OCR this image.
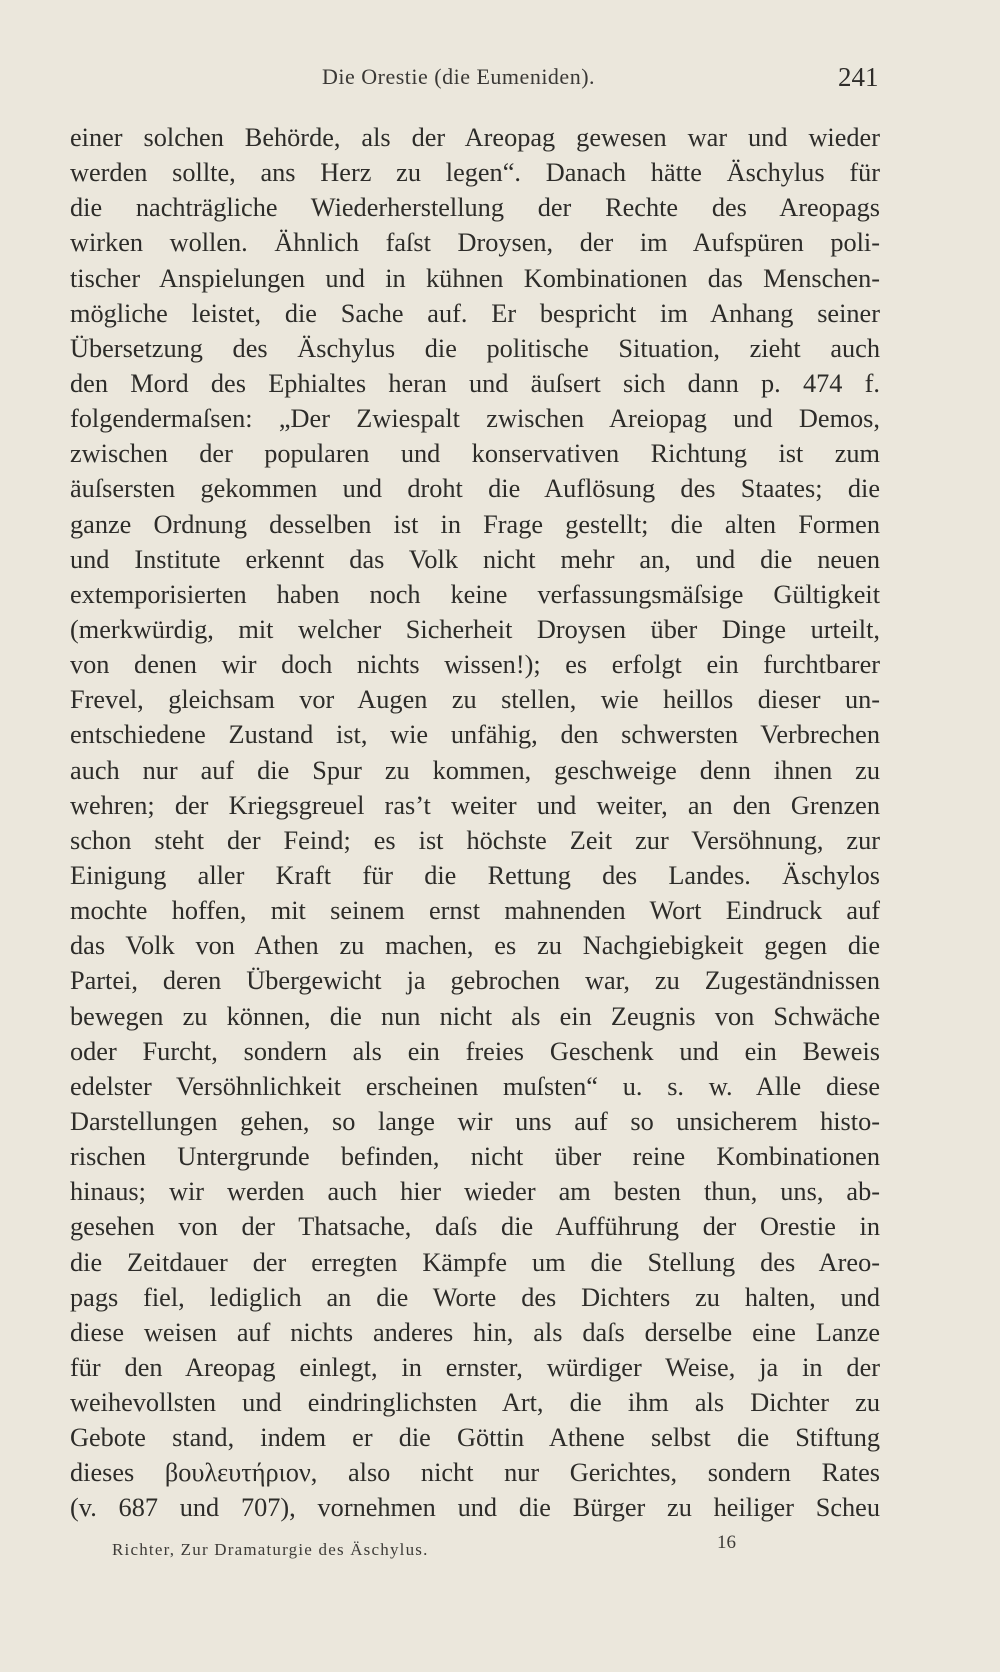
Die Orestie (die Eumeniden).	241
einer solchen Behörde, als der Areopag gewesen war und wieder
werden sollte, ans Herz zu legen“. Danach hätte Äschylus für
die nachträgliche Wiederherstellung der Rechte des Areopags
wirken wollen. Ähnlich faſst Droysen, der im Aufspüren poli-
tischer Anspielungen und in kühnen Kombinationen das Menschen-
mögliche leistet, die Sache auf. Er bespricht im Anhang seiner
Übersetzung des Äschylus die politische Situation, zieht auch
den Mord des Ephialtes heran und äuſsert sich dann p. 474 f.
folgendermaſsen: „Der Zwiespalt zwischen Areiopag und Demos,
zwischen der popularen und konservativen Richtung ist zum
äuſsersten gekommen und droht die Auflösung des Staates; die
ganze Ordnung desselben ist in Frage gestellt; die alten Formen
und Institute erkennt das Volk nicht mehr an, und die neuen
extemporisierten haben noch keine verfassungsmäſsige Gültigkeit
(merkwürdig, mit welcher Sicherheit Droysen über Dinge urteilt,
von denen wir doch nichts wissen!); es erfolgt ein furchtbarer
Frevel, gleichsam vor Augen zu stellen, wie heillos dieser un-
entschiedene Zustand ist, wie unfähig, den schwersten Verbrechen
auch nur auf die Spur zu kommen, geschweige denn ihnen zu
wehren; der Kriegsgreuel ras’t weiter und weiter, an den Grenzen
schon steht der Feind; es ist höchste Zeit zur Versöhnung, zur
Einigung aller Kraft für die Rettung des Landes. Äschylos
mochte hoffen, mit seinem ernst mahnenden Wort Eindruck auf
das Volk von Athen zu machen, es zu Nachgiebigkeit gegen die
Partei, deren Übergewicht ja gebrochen war, zu Zugeständnissen
bewegen zu können, die nun nicht als ein Zeugnis von Schwäche
oder Furcht, sondern als ein freies Geschenk und ein Beweis
edelster Versöhnlichkeit erscheinen muſsten“ u. s. w. Alle diese
Darstellungen gehen, so lange wir uns auf so unsicherem histo-
rischen Untergrunde befinden, nicht über reine Kombinationen
hinaus; wir werden auch hier wieder am besten thun, uns, ab-
gesehen von der Thatsache, daſs die Aufführung der Orestie in
die Zeitdauer der erregten Kämpfe um die Stellung des Areo-
pags fiel, lediglich an die Worte des Dichters zu halten, und
diese weisen auf nichts anderes hin, als daſs derselbe eine Lanze
für den Areopag einlegt, in ernster, würdiger Weise, ja in der
weihevollsten und eindringlichsten Art, die ihm als Dichter zu
Gebote stand, indem er die Göttin Athene selbst die Stiftung
dieses βουλευτήριον, also nicht nur Gerichtes, sondern Rates
(v. 687 und 707), vornehmen und die Bürger zu heiliger Scheu
Richter, Zur Dramaturgie des Äschylus.	16
